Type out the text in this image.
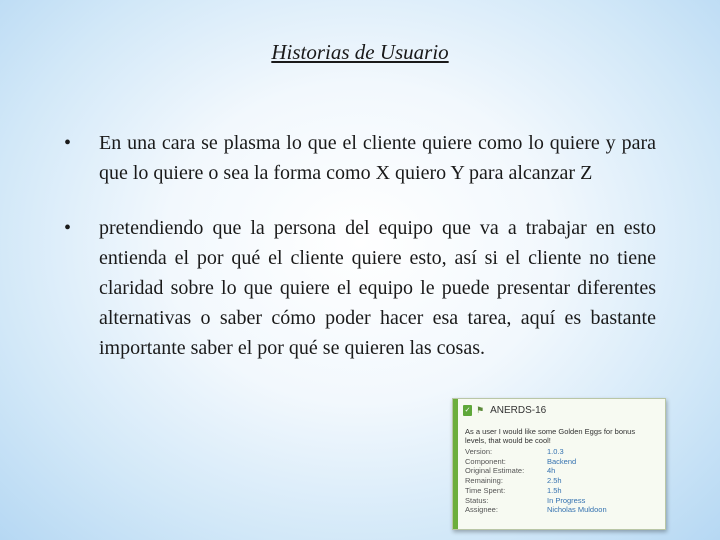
Historias de Usuario
• En una cara se plasma lo que el cliente quiere como lo quiere y para que lo quiere o sea la forma como X quiero Y para alcanzar Z
• pretendiendo que la persona del equipo que va a trabajar en esto entienda el por qué el cliente quiere esto, así si el cliente no tiene claridad sobre lo que quiere el equipo le puede presentar diferentes alternativas o saber cómo poder hacer esa tarea, aquí es bastante importante saber el por qué se quieren las cosas.
✓ ⚑ ANERDS-16
As a user I would like some Golden Eggs for bonus levels, that would be cool!
Version:	1.0.3
Component:	Backend
Original Estimate:	4h
Remaining:	2.5h
Time Spent:	1.5h
Status:	In Progress
Assignee:	Nicholas Muldoon
